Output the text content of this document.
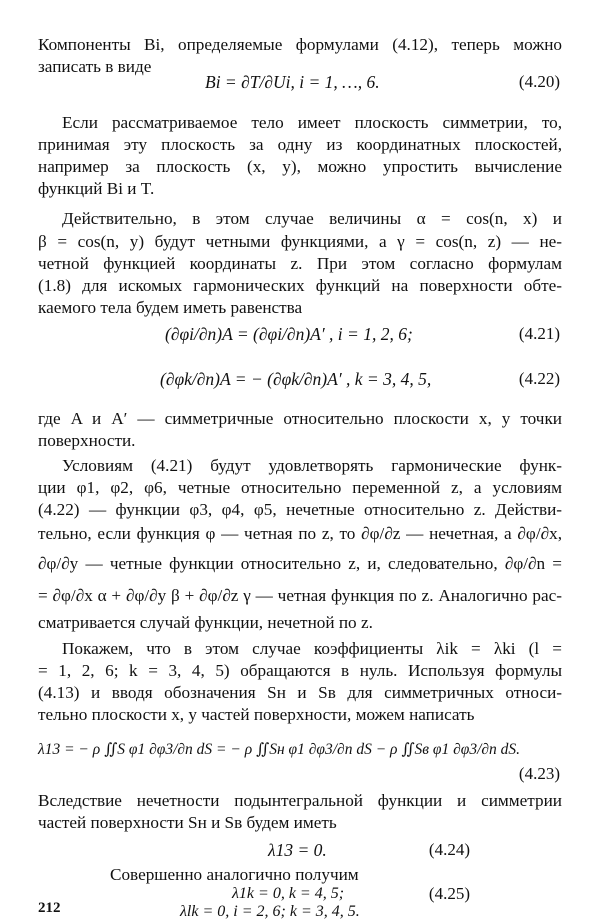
Компоненты Bi, определяемые формулами (4.12), теперь можно
записать в виде
Bi = ∂T/∂Ui, i = 1, …, 6.	(4.20)
Если рассматриваемое тело имеет плоскость симметрии, то,
принимая эту плоскость за одну из координатных плоскостей,
например за плоскость (x, y), можно упростить вычисление
функций Bi и T.
Действительно, в этом случае величины α = cos(n, x) и
β = cos(n, y) будут четными функциями, а γ = cos(n, z) — не-
четной функцией координаты z. При этом согласно формулам
(1.8) для искомых гармонических функций на поверхности обте-
каемого тела будем иметь равенства
(∂φi/∂n)A = (∂φi/∂n)A′ , i = 1, 2, 6;	(4.21)
(∂φk/∂n)A = − (∂φk/∂n)A′ , k = 3, 4, 5,	(4.22)
где A и A′ — симметричные относительно плоскости x, y точки
поверхности.
Условиям (4.21) будут удовлетворять гармонические функ-
ции φ1, φ2, φ6, четные относительно переменной z, а условиям
(4.22) — функции φ3, φ4, φ5, нечетные относительно z. Действи-
тельно, если функция φ — четная по z, то ∂φ/∂z — нечетная, а ∂φ/∂x,
∂φ/∂y — четные функции относительно z, и, следовательно, ∂φ/∂n =
= ∂φ/∂x α + ∂φ/∂y β + ∂φ/∂z γ — четная функция по z. Аналогично рас-
сматривается случай функции, нечетной по z.
Покажем, что в этом случае коэффициенты λik = λki (l =
= 1, 2, 6; k = 3, 4, 5) обращаются в нуль. Используя формулы
(4.13) и вводя обозначения Sн и Sв для симметричных относи-
тельно плоскости x, y частей поверхности, можем написать
λ13 = − ρ ∬S φ1 ∂φ3/∂n dS = − ρ ∬Sн φ1 ∂φ3/∂n dS − ρ ∬Sв φ1 ∂φ3/∂n dS.
(4.23)
Вследствие нечетности подынтегральной функции и симметрии
частей поверхности Sн и Sв будем иметь
λ13 = 0.	(4.24)
Совершенно аналогично получим
λ1k = 0, k = 4, 5;	(4.25)
λlk = 0, i = 2, 6; k = 3, 4, 5.
212
